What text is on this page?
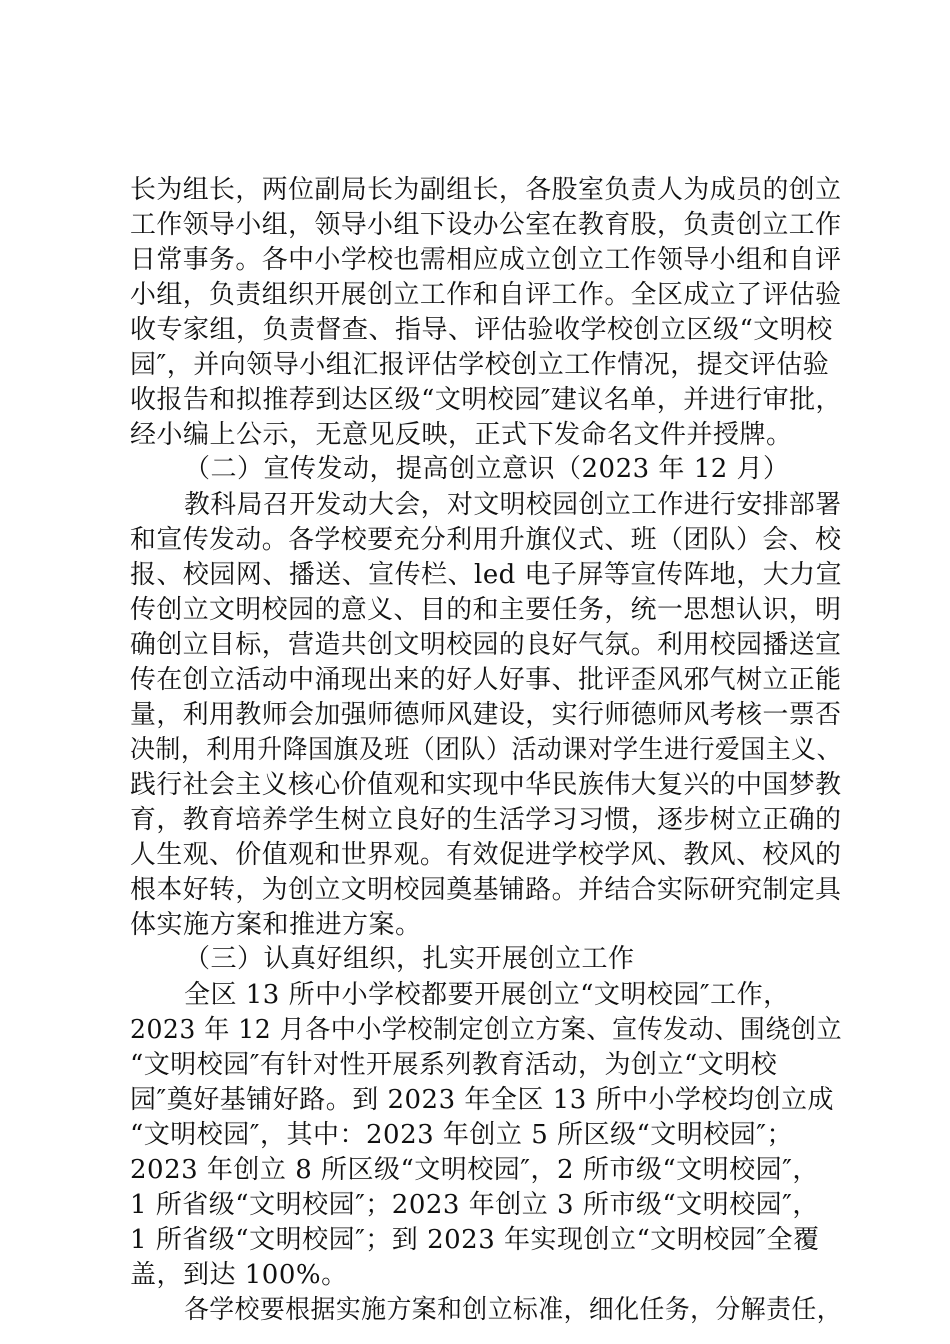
长为组长，两位副局长为副组长，各股室负责人为成员的创立
工作领导小组，领导小组下设办公室在教育股，负责创立工作
日常事务。各中小学校也需相应成立创立工作领导小组和自评
小组，负责组织开展创立工作和自评工作。全区成立了评估验
收专家组，负责督查、指导、评估验收学校创立区级“文明校
园″，并向领导小组汇报评估学校创立工作情况，提交评估验
收报告和拟推荐到达区级“文明校园″建议名单，并进行审批，
经小编上公示，无意见反映，正式下发命名文件并授牌。
（二）宣传发动，提高创立意识（2023 年 12 月）
教科局召开发动大会，对文明校园创立工作进行安排部署
和宣传发动。各学校要充分利用升旗仪式、班（团队）会、校
报、校园网、播送、宣传栏、led 电子屏等宣传阵地，大力宣
传创立文明校园的意义、目的和主要任务，统一思想认识，明
确创立目标，营造共创文明校园的良好气氛。利用校园播送宣
传在创立活动中涌现出来的好人好事、批评歪风邪气树立正能
量，利用教师会加强师德师风建设，实行师德师风考核一票否
决制，利用升降国旗及班（团队）活动课对学生进行爱国主义、
践行社会主义核心价值观和实现中华民族伟大复兴的中国梦教
育，教育培养学生树立良好的生活学习习惯，逐步树立正确的
人生观、价值观和世界观。有效促进学校学风、教风、校风的
根本好转，为创立文明校园奠基铺路。并结合实际研究制定具
体实施方案和推进方案。
（三）认真好组织，扎实开展创立工作
全区 13 所中小学校都要开展创立“文明校园″工作，
2023 年 12 月各中小学校制定创立方案、宣传发动、围绕创立
“文明校园″有针对性开展系列教育活动，为创立“文明校
园″奠好基铺好路。到 2023 年全区 13 所中小学校均创立成
“文明校园″，其中：2023 年创立 5 所区级“文明校园″；
2023 年创立 8 所区级“文明校园″，2 所市级“文明校园″，
1 所省级“文明校园″；2023 年创立 3 所市级“文明校园″，
1 所省级“文明校园″；到 2023 年实现创立“文明校园″全覆
盖，到达 100%。
各学校要根据实施方案和创立标准，细化任务，分解责任，
